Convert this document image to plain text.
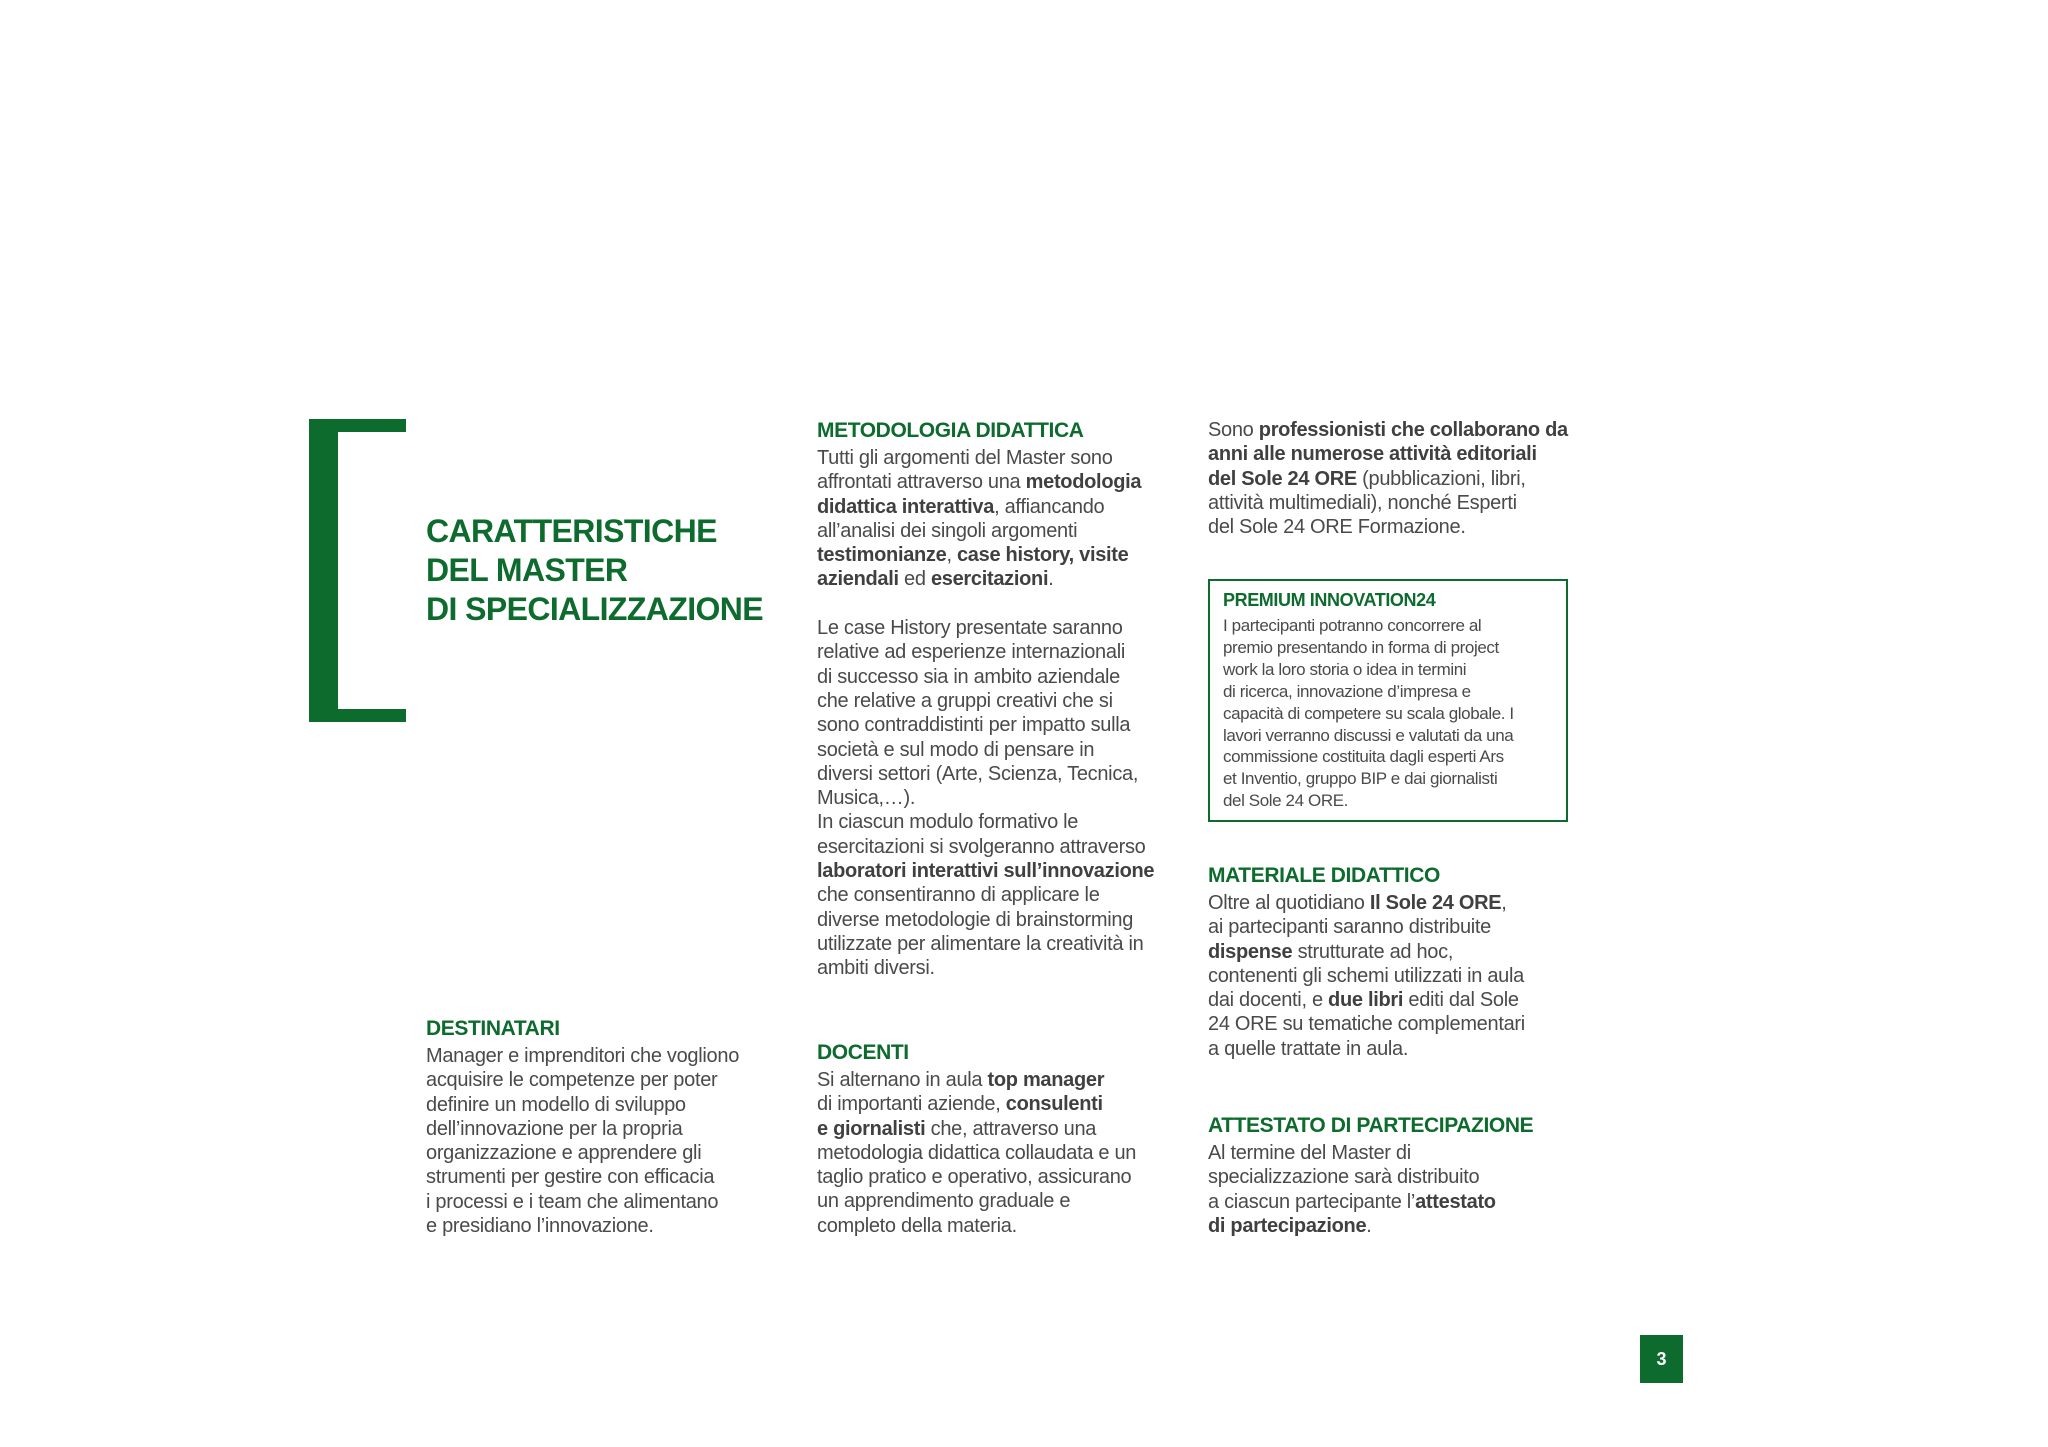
CARATTERISTICHE
DEL MASTER
DI SPECIALIZZAZIONE
DESTINATARI
Manager e imprenditori che vogliono
acquisire le competenze per poter
definire un modello di sviluppo
dell’innovazione per la propria
organizzazione e apprendere gli
strumenti per gestire con efficacia
i processi e i team che alimentano
e presidiano l’innovazione.
METODOLOGIA DIDATTICA
Tutti gli argomenti del Master sono
affrontati attraverso una metodologia
didattica interattiva, affiancando
all’analisi dei singoli argomenti
testimonianze, case history, visite
aziendali ed esercitazioni.
Le case History presentate saranno
relative ad esperienze internazionali
di successo sia in ambito aziendale
che relative a gruppi creativi che si
sono contraddistinti per impatto sulla
società e sul modo di pensare in
diversi settori (Arte, Scienza, Tecnica,
Musica,…).
In ciascun modulo formativo le
esercitazioni si svolgeranno attraverso
laboratori interattivi sull’innovazione
che consentiranno di applicare le
diverse metodologie di brainstorming
utilizzate per alimentare la creatività in
ambiti diversi.
DOCENTI
Si alternano in aula top manager
di importanti aziende, consulenti
e giornalisti che, attraverso una
metodologia didattica collaudata e un
taglio pratico e operativo, assicurano
un apprendimento graduale e
completo della materia.
Sono professionisti che collaborano da
anni alle numerose attività editoriali
del Sole 24 ORE (pubblicazioni, libri,
attività multimediali), nonché Esperti
del Sole 24 ORE Formazione.
PREMIUM INNOVATION24
I partecipanti potranno concorrere al
premio presentando in forma di project
work la loro storia o idea in termini
di ricerca, innovazione d’impresa e
capacità di competere su scala globale. I
lavori verranno discussi e valutati da una
commissione costituita dagli esperti Ars
et Inventio, gruppo BIP e dai giornalisti
del Sole 24 ORE.
MATERIALE DIDATTICO
Oltre al quotidiano Il Sole 24 ORE,
ai partecipanti saranno distribuite
dispense strutturate ad hoc,
contenenti gli schemi utilizzati in aula
dai docenti, e due libri editi dal Sole
24 ORE su tematiche complementari
a quelle trattate in aula.
ATTESTATO DI PARTECIPAZIONE
Al termine del Master di
specializzazione sarà distribuito
a ciascun partecipante l’attestato
di partecipazione.
3
